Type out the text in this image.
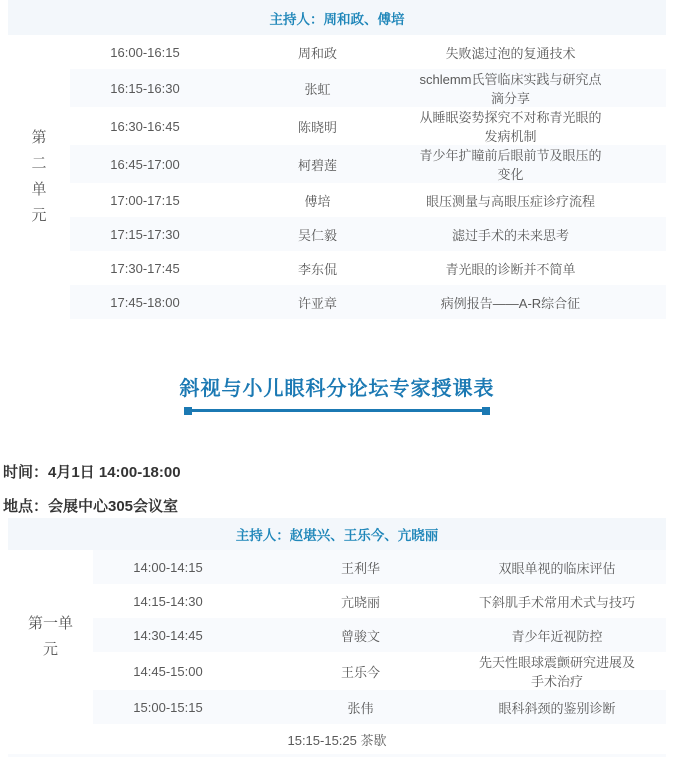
主持人：周和政、傅培			

第二单元	16:00-16:15	周和政	失败滤过泡的复通技术
	16:15-16:30	张虹	schlemm氏管临床实践与研究点滴分享
	16:30-16:45	陈晓明	从睡眠姿势探究不对称青光眼的发病机制
	16:45-17:00	柯碧莲	青少年扩瞳前后眼前节及眼压的变化
	17:00-17:15	傅培	眼压测量与高眼压症诊疗流程
	17:15-17:30	吴仁毅	滤过手术的未来思考
	17:30-17:45	李东侃	青光眼的诊断并不简单
	17:45-18:00	许亚章	病例报告——A-R综合征
斜视与小儿眼科分论坛专家授课表

时间：4月1日 14:00-18:00

地点：会展中心305会议室

主持人：赵堪兴、王乐今、亢晓丽			

第一单元	14:00-14:15	王利华	双眼单视的临床评估
	14:15-14:30	亢晓丽	下斜肌手术常用术式与技巧
	14:30-14:45	曾骏文	青少年近视防控
	14:45-15:00	王乐今	先天性眼球震颤研究进展及手术治疗
	15:00-15:15	张伟	眼科斜颈的鉴别诊断
15:15-15:25 茶歇			
